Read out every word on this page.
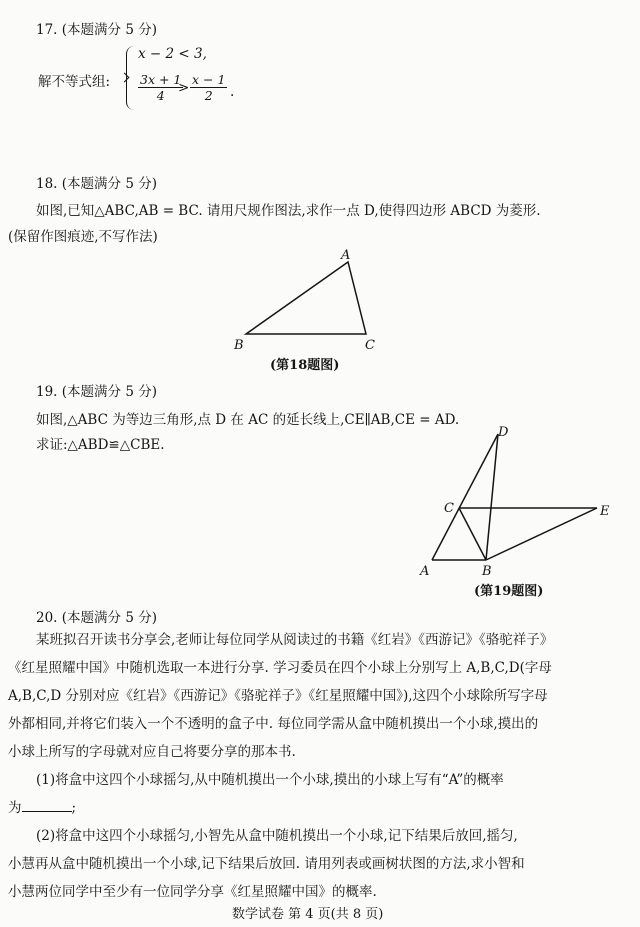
17. (本题满分 5 分)
解不等式组:
x − 2 < 3,
$\frac{3x + 1}{4}$
> $\frac{x - 1}{2}$ .
18. (本题满分 5 分)
如图,已知△ABC,AB = BC. 请用尺规作图法,求作一点 D,使得四边形 ABCD 为菱形.
(保留作图痕迹,不写作法)
A
B	C
(第18题图)
19. (本题满分 5 分)
如图,△ABC 为等边三角形,点 D 在 AC 的延长线上,CE∥AB,CE = AD.
求证:△ABD≌△CBE.
D
C	E
A	B
(第19题图)
20. (本题满分 5 分)
某班拟召开读书分享会,老师让每位同学从阅读过的书籍《红岩》《西游记》《骆驼祥子》
《红星照耀中国》中随机选取一本进行分享. 学习委员在四个小球上分别写上 A,B,C,D(字母
A,B,C,D 分别对应《红岩》《西游记》《骆驼祥子》《红星照耀中国》),这四个小球除所写字母
外都相同,并将它们装入一个不透明的盒子中. 每位同学需从盒中随机摸出一个小球,摸出的
小球上所写的字母就对应自己将要分享的那本书.
(1)将盒中这四个小球摇匀,从中随机摸出一个小球,摸出的小球上写有“A”的概率
为	;
(2)将盒中这四个小球摇匀,小智先从盒中随机摸出一个小球,记下结果后放回,摇匀,
小慧再从盒中随机摸出一个小球,记下结果后放回. 请用列表或画树状图的方法,求小智和
小慧两位同学中至少有一位同学分享《红星照耀中国》的概率.
数学试卷 第 4 页(共 8 页)
